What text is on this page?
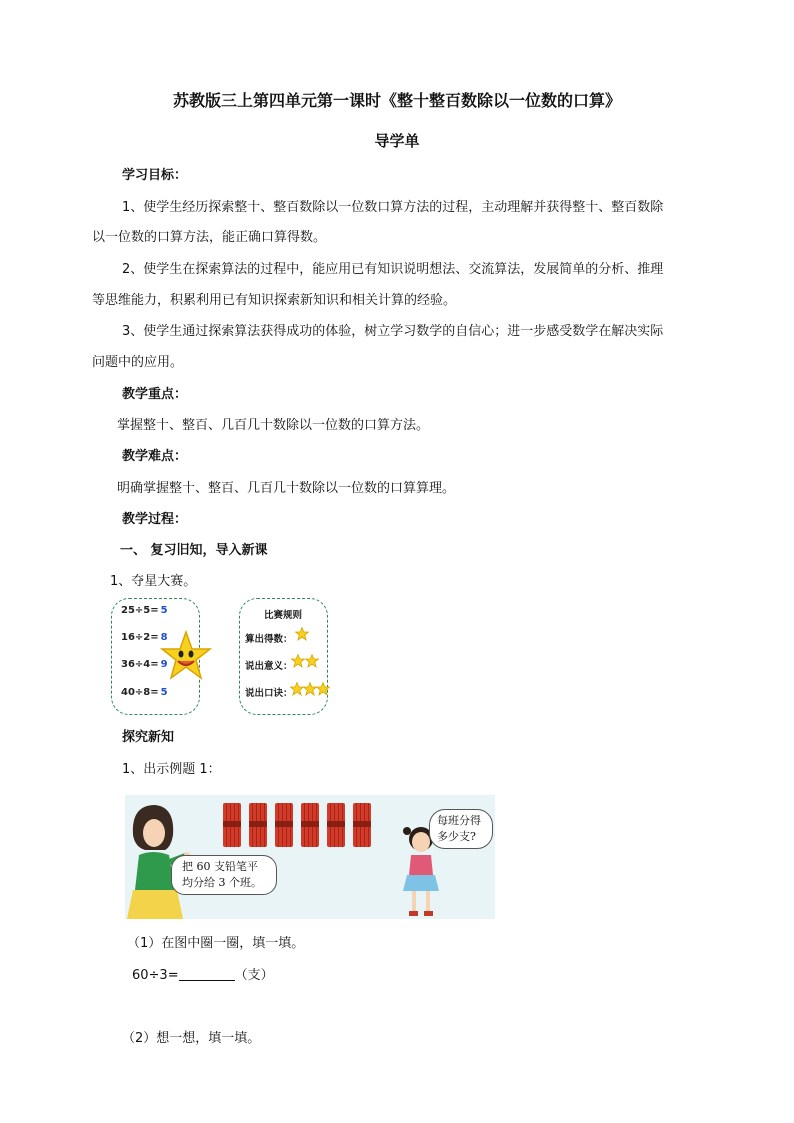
苏教版三上第四单元第一课时《整十整百数除以一位数的口算》
导学单
学习目标：
1、使学生经历探索整十、整百数除以一位数口算方法的过程，主动理解并获得整十、整百数除
以一位数的口算方法，能正确口算得数。
2、使学生在探索算法的过程中，能应用已有知识说明想法、交流算法，发展简单的分析、推理
等思维能力，积累利用已有知识探索新知识和相关计算的经验。
3、使学生通过探索算法获得成功的体验，树立学习数学的自信心；进一步感受数学在解决实际
问题中的应用。
教学重点：
掌握整十、整百、几百几十数除以一位数的口算方法。
教学难点：
明确掌握整十、整百、几百几十数除以一位数的口算算理。
教学过程：
一、 复习旧知，导入新课
1、夺星大赛。
25÷5= 5
16÷2= 8
36÷4= 9
40÷8= 5
比赛规则
算出得数：
说出意义：
说出口诀：
探究新知
1、出示例题 1：
把 60 支铅笔平
均分给 3 个班。
每班分得
多少支?
（1）在图中圈一圈，填一填。
60÷3=	（支）
（2）想一想，填一填。
